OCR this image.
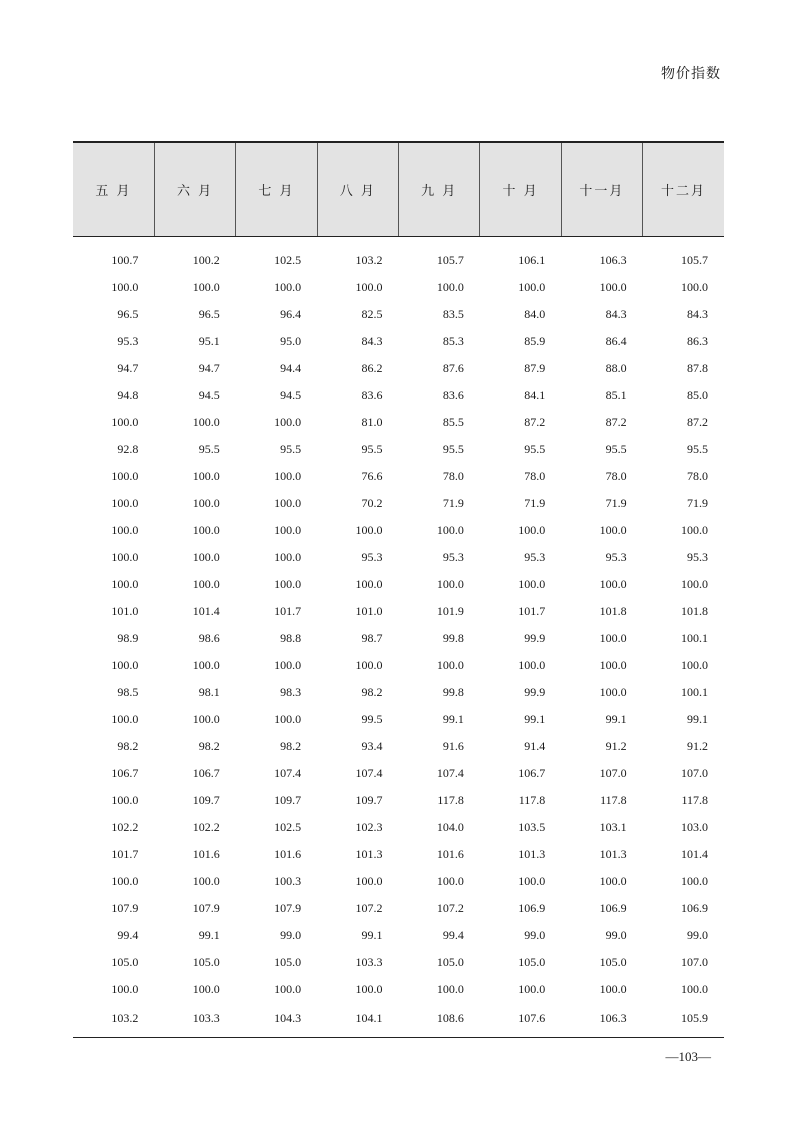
物价指数
五 月	六 月	七 月	八 月	九 月	十 月	十一月	十二月
100.7	100.2	102.5	103.2	105.7	106.1	106.3	105.7
100.0	100.0	100.0	100.0	100.0	100.0	100.0	100.0
96.5	96.5	96.4	82.5	83.5	84.0	84.3	84.3
95.3	95.1	95.0	84.3	85.3	85.9	86.4	86.3
94.7	94.7	94.4	86.2	87.6	87.9	88.0	87.8
94.8	94.5	94.5	83.6	83.6	84.1	85.1	85.0
100.0	100.0	100.0	81.0	85.5	87.2	87.2	87.2
92.8	95.5	95.5	95.5	95.5	95.5	95.5	95.5
100.0	100.0	100.0	76.6	78.0	78.0	78.0	78.0
100.0	100.0	100.0	70.2	71.9	71.9	71.9	71.9
100.0	100.0	100.0	100.0	100.0	100.0	100.0	100.0
100.0	100.0	100.0	95.3	95.3	95.3	95.3	95.3
100.0	100.0	100.0	100.0	100.0	100.0	100.0	100.0
101.0	101.4	101.7	101.0	101.9	101.7	101.8	101.8
98.9	98.6	98.8	98.7	99.8	99.9	100.0	100.1
100.0	100.0	100.0	100.0	100.0	100.0	100.0	100.0
98.5	98.1	98.3	98.2	99.8	99.9	100.0	100.1
100.0	100.0	100.0	99.5	99.1	99.1	99.1	99.1
98.2	98.2	98.2	93.4	91.6	91.4	91.2	91.2
106.7	106.7	107.4	107.4	107.4	106.7	107.0	107.0
100.0	109.7	109.7	109.7	117.8	117.8	117.8	117.8
102.2	102.2	102.5	102.3	104.0	103.5	103.1	103.0
101.7	101.6	101.6	101.3	101.6	101.3	101.3	101.4
100.0	100.0	100.3	100.0	100.0	100.0	100.0	100.0
107.9	107.9	107.9	107.2	107.2	106.9	106.9	106.9
99.4	99.1	99.0	99.1	99.4	99.0	99.0	99.0
105.0	105.0	105.0	103.3	105.0	105.0	105.0	107.0
100.0	100.0	100.0	100.0	100.0	100.0	100.0	100.0
103.2	103.3	104.3	104.1	108.6	107.6	106.3	105.9
—103—
